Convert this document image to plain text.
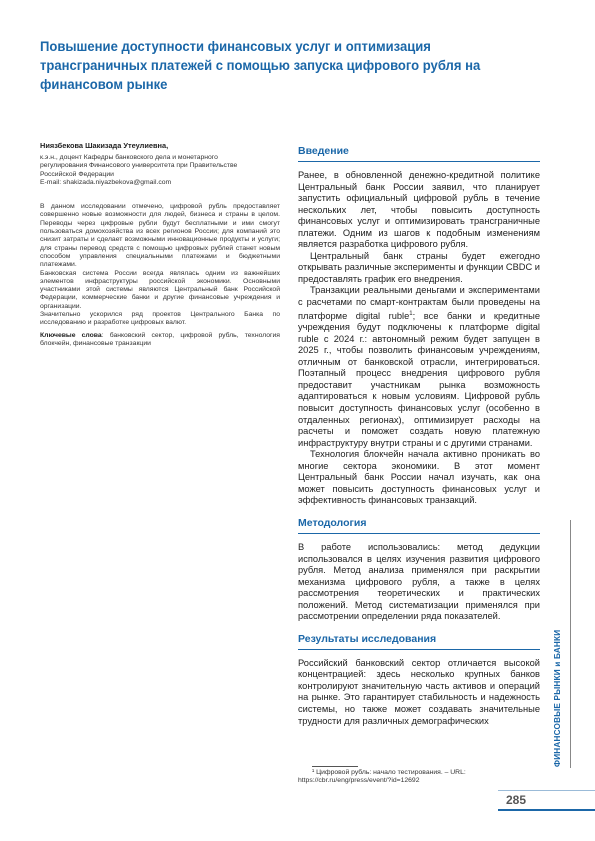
Повышение доступности финансовых услуг и оптимизация трансграничных платежей с помощью запуска цифрового рубля на финансовом рынке

Ниязбекова Шакизада Утеулиевна,

к.э.н., доцент Кафедры банковского дела и монетарного

регулирования Финансового университета при Правительстве

Российской Федерации

E-mail: shakizada.niyazbekova@gmail.com

В данном исследовании отмечено, цифровой рубль предоставляет совершенно новые возможности для людей, бизнеса и страны в целом. Переводы через цифровые рубли будут бесплатными и ими смогут пользоваться домохозяйства из всех регионов России; для компаний это снизит затраты и сделает возможными инновационные продукты и услуги; для страны перевод средств с помощью цифровых рублей станет новым способом управления специальными платежами и бюджетными платежами.

Банковская система России всегда являлась одним из важнейших элементов инфраструктуры российской экономики. Основными участниками этой системы являются Центральный банк Российской Федерации, коммерческие банки и другие финансовые учреждения и организации.

Значительно ускорился ряд проектов Центрального Банка по исследованию и разработке цифровых валют.

Ключевые слова: банковский сектор, цифровой рубль, технология блокчейн, финансовые транзакции
Введение

Ранее, в обновленной денежно-кредитной политике Центральный банк России заявил, что планирует запустить официальный цифровой рубль в течение нескольких лет, чтобы повысить доступность финансовых услуг и оптимизировать трансграничные платежи. Одним из шагов к подобным изменениям является разработка цифрового рубля.

Центральный банк страны будет ежегодно открывать различные эксперименты и функции CBDC и предоставлять график его внедрения.

Транзакции реальными деньгами и экспериментами с расчетами по смарт-контрактам были проведены на платформе digital ruble$^1$; все банки и кредитные учреждения будут подключены к платформе digital ruble с 2024 г.: автономный режим будет запущен в 2025 г., чтобы позволить финансовым учреждениям, отличным от банковской отрасли, интегрироваться. Поэтапный процесс внедрения цифрового рубля предоставит участникам рынка возможность адаптироваться к новым условиям. Цифровой рубль повысит доступность финансовых услуг (особенно в отдаленных регионах), оптимизирует расходы на расчеты и поможет создать новую платежную инфраструктуру внутри страны и с другими странами.

Технология блокчейн начала активно проникать во многие сектора экономики. В этот момент Центральный банк России начал изучать, как она может повысить доступность финансовых услуг и эффективность финансовых транзакций.

Методология

В работе использовались: метод дедукции использовался в целях изучения развития цифрового рубля. Метод анализа применялся при раскрытии механизма цифрового рубля, а также в целях рассмотрения теоретических и практических положений. Метод систематизации применялся при рассмотрении определении ряда показателей.

Результаты исследования

Российский банковский сектор отличается высокой концентрацией: здесь несколько крупных банков контролируют значительную часть активов и операций на рынке. Это гарантирует стабильность и надежность системы, но также может создавать значительные трудности для различных демографических

¹ Цифровой рубль: начало тестирования. – URL: https://cbr.ru/eng/press/event/?id=12692
ФИНАНСОВЫЕ РЫНКИ и БАНКИ
285
